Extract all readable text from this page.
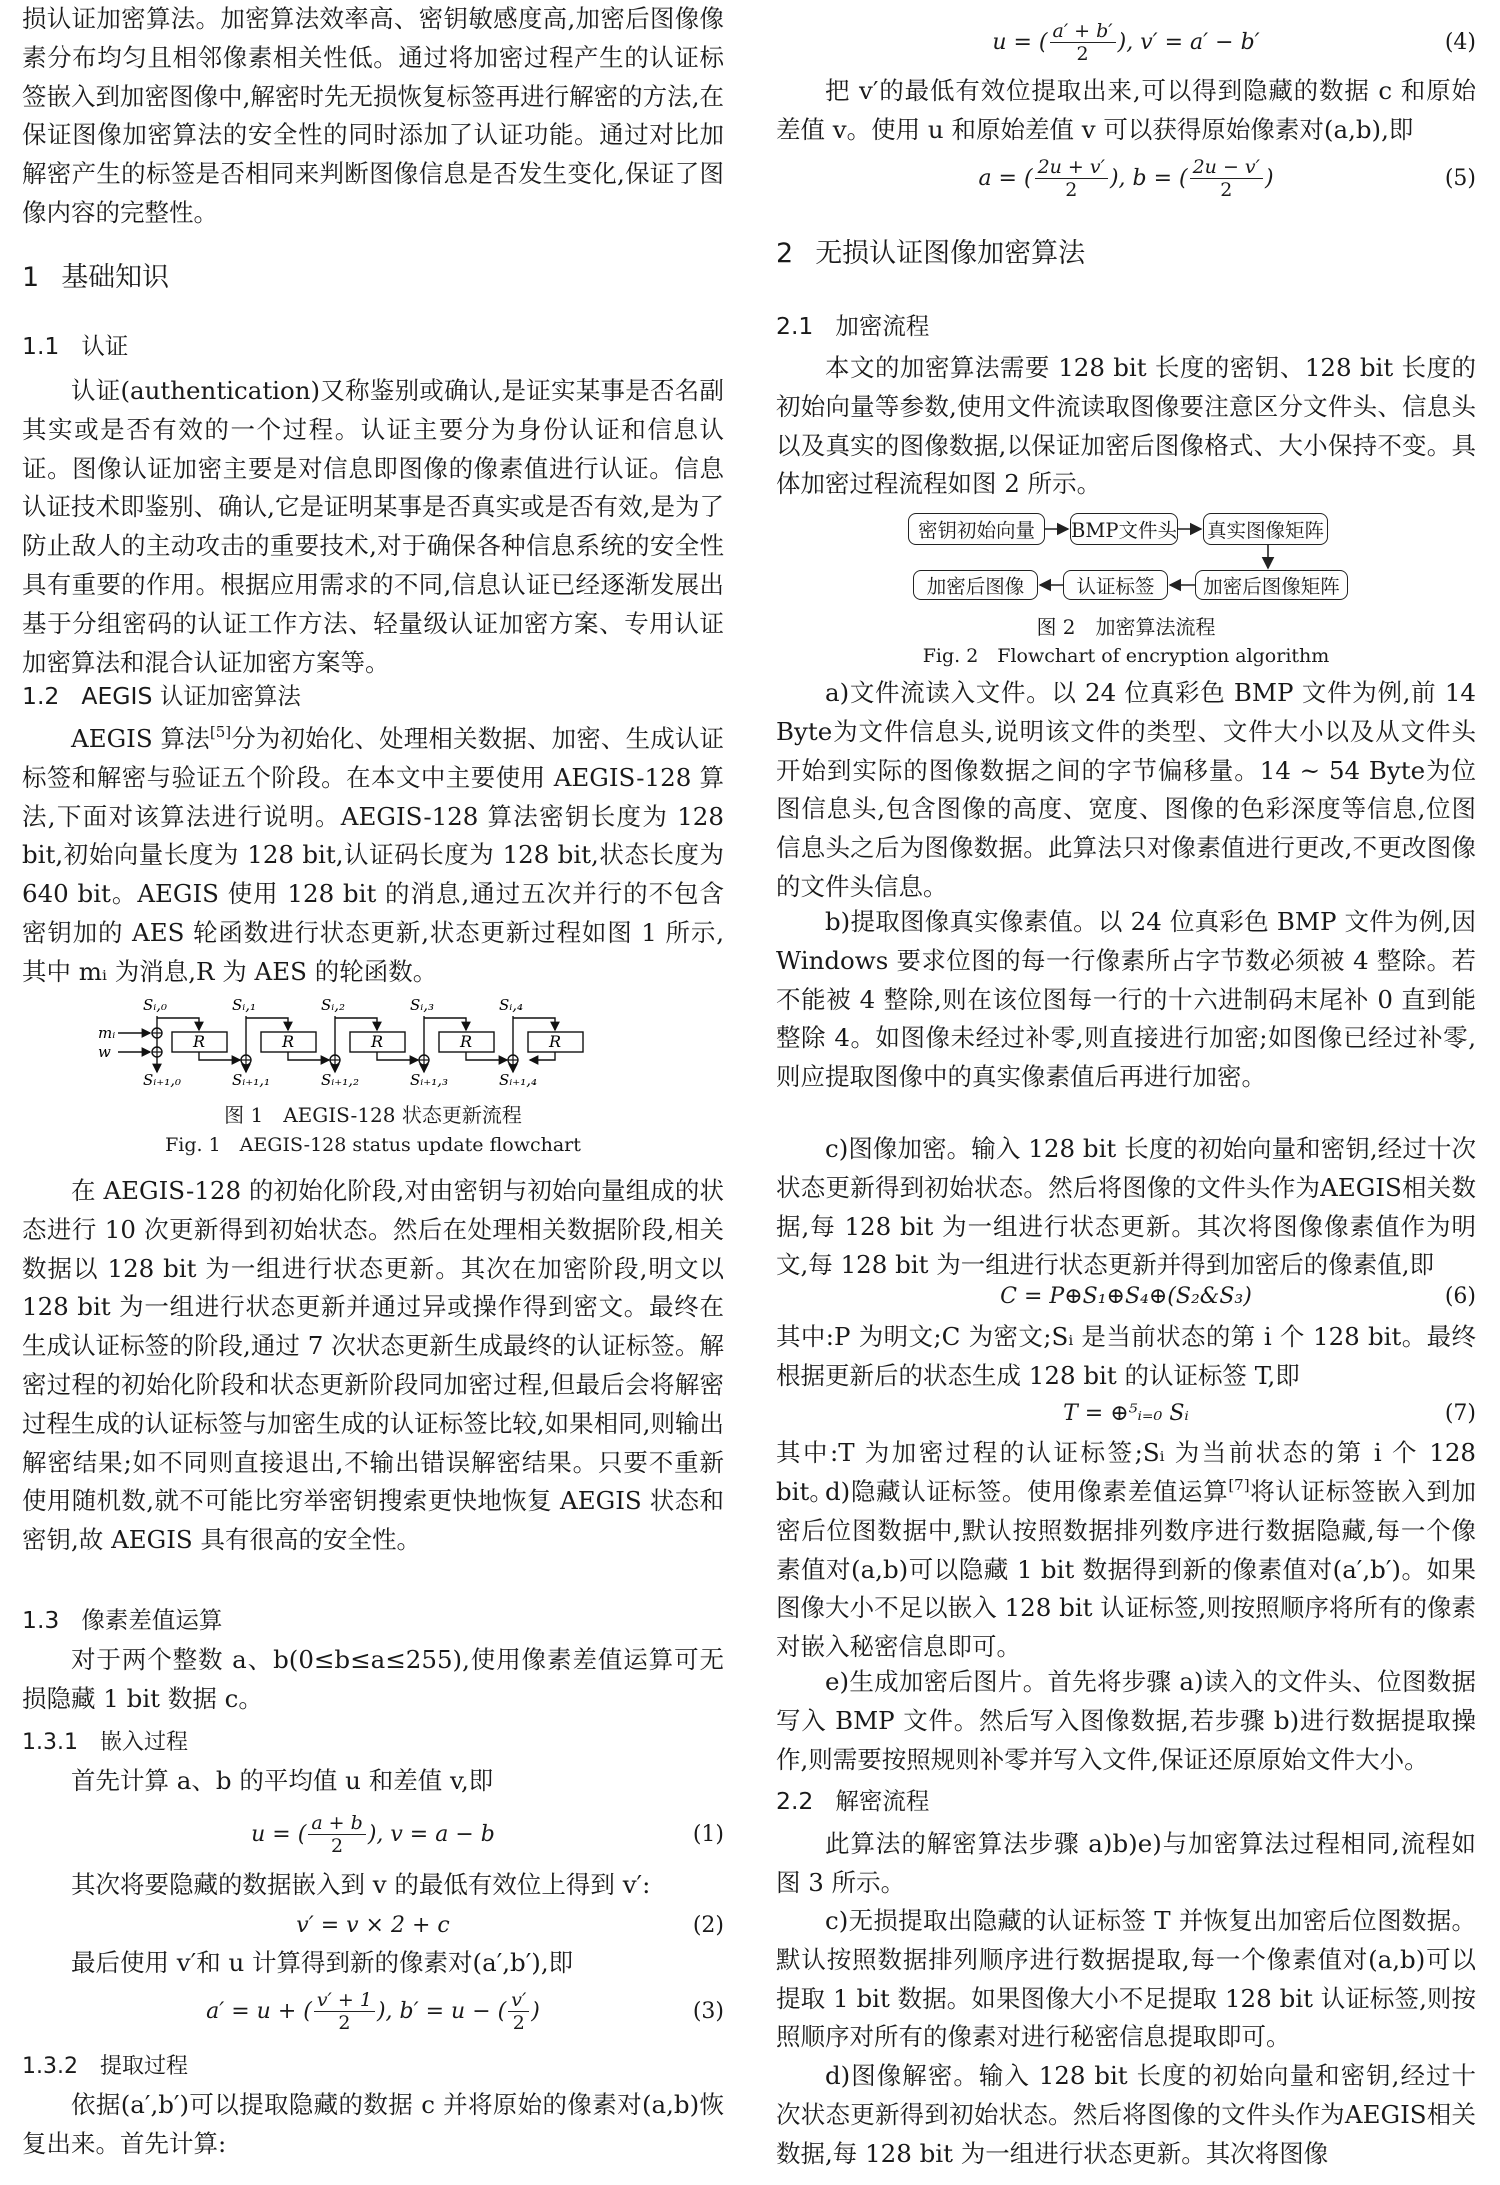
损认证加密算法。加密算法效率高、密钥敏感度高,加密后图像像素分布均匀且相邻像素相关性低。通过将加密过程产生的认证标签嵌入到加密图像中,解密时先无损恢复标签再进行解密的方法,在保证图像加密算法的安全性的同时添加了认证功能。通过对比加解密产生的标签是否相同来判断图像信息是否发生变化,保证了图像内容的完整性。
1 基础知识
1.1 认证
认证(authentication)又称鉴别或确认,是证实某事是否名副其实或是否有效的一个过程。认证主要分为身份认证和信息认证。图像认证加密主要是对信息即图像的像素值进行认证。信息认证技术即鉴别、确认,它是证明某事是否真实或是否有效,是为了防止敌人的主动攻击的重要技术,对于确保各种信息系统的安全性具有重要的作用。根据应用需求的不同,信息认证已经逐渐发展出基于分组密码的认证工作方法、轻量级认证加密方案、专用认证加密算法和混合认证加密方案等。
1.2 AEGIS 认证加密算法
AEGIS 算法[5]分为初始化、处理相关数据、加密、生成认证标签和解密与验证五个阶段。在本文中主要使用 AEGIS-128 算法,下面对该算法进行说明。AEGIS-128 算法密钥长度为 128 bit,初始向量长度为 128 bit,认证码长度为 128 bit,状态长度为 640 bit。AEGIS 使用 128 bit 的消息,通过五次并行的不包含密钥加的 AES 轮函数进行状态更新,状态更新过程如图 1 所示,其中 mᵢ 为消息,R 为 AES 的轮函数。
Sᵢ,₀
Sᵢ₊₁,₀
R
Sᵢ,₁
Sᵢ₊₁,₁
R
Sᵢ,₂
Sᵢ₊₁,₂
R
Sᵢ,₃
Sᵢ₊₁,₃
R
Sᵢ,₄
Sᵢ₊₁,₄
R
mᵢ
w
图 1　AEGIS-128 状态更新流程
Fig. 1　AEGIS-128 status update flowchart
在 AEGIS-128 的初始化阶段,对由密钥与初始向量组成的状态进行 10 次更新得到初始状态。然后在处理相关数据阶段,相关数据以 128 bit 为一组进行状态更新。其次在加密阶段,明文以 128 bit 为一组进行状态更新并通过异或操作得到密文。最终在生成认证标签的阶段,通过 7 次状态更新生成最终的认证标签。解密过程的初始化阶段和状态更新阶段同加密过程,但最后会将解密过程生成的认证标签与加密生成的认证标签比较,如果相同,则输出解密结果;如不同则直接退出,不输出错误解密结果。只要不重新使用随机数,就不可能比穷举密钥搜索更快地恢复 AEGIS 状态和密钥,故 AEGIS 具有很高的安全性。
1.3 像素差值运算
对于两个整数 a、b(0≤b≤a≤255),使用像素差值运算可无损隐藏 1 bit 数据 c。
1.3.1 嵌入过程
首先计算 a、b 的平均值 u 和差值 v,即
u = ( $\frac{a + b}{2}$ ), v = a − b	(1)
其次将要隐藏的数据嵌入到 v 的最低有效位上得到 v′:
v′ = v × 2 + c	(2)
最后使用 v′和 u 计算得到新的像素对(a′,b′),即
a′ = u + ( $\frac{v' + 1}{2}$ ), b′ = u − ( $\frac{v'}{2}$ )	(3)
1.3.2 提取过程
依据(a′,b′)可以提取隐藏的数据 c 并将原始的像素对(a,b)恢复出来。首先计算:
u = ( $\frac{a' + b'}{2}$ ), v′ = a′ − b′	(4)
把 v′的最低有效位提取出来,可以得到隐藏的数据 c 和原始差值 v。使用 u 和原始差值 v 可以获得原始像素对(a,b),即
a = ( $\frac{2u + v'}{2}$ ), b = ( $\frac{2u - v'}{2}$ )	(5)
2 无损认证图像加密算法
2.1 加密流程
本文的加密算法需要 128 bit 长度的密钥、128 bit 长度的初始向量等参数,使用文件流读取图像要注意区分文件头、信息头以及真实的图像数据,以保证加密后图像格式、大小保持不变。具体加密过程流程如图 2 所示。
密钥初始向量	BMP文件头 真实图像矩阵
加密后图像	认证标签	加密后图像矩阵
图 2　加密算法流程
Fig. 2　Flowchart of encryption algorithm
a)文件流读入文件。以 24 位真彩色 BMP 文件为例,前 14 Byte为文件信息头,说明该文件的类型、文件大小以及从文件头开始到实际的图像数据之间的字节偏移量。14 ~ 54 Byte为位图信息头,包含图像的高度、宽度、图像的色彩深度等信息,位图信息头之后为图像数据。此算法只对像素值进行更改,不更改图像的文件头信息。
b)提取图像真实像素值。以 24 位真彩色 BMP 文件为例,因 Windows 要求位图的每一行像素所占字节数必须被 4 整除。若不能被 4 整除,则在该位图每一行的十六进制码末尾补 0 直到能整除 4。如图像未经过补零,则直接进行加密;如图像已经过补零,则应提取图像中的真实像素值后再进行加密。
c)图像加密。输入 128 bit 长度的初始向量和密钥,经过十次状态更新得到初始状态。然后将图像的文件头作为AEGIS相关数据,每 128 bit 为一组进行状态更新。其次将图像像素值作为明文,每 128 bit 为一组进行状态更新并得到加密后的像素值,即
C = P⊕S₁⊕S₄⊕(S₂&S₃)	(6)
其中:P 为明文;C 为密文;Sᵢ 是当前状态的第 i 个 128 bit。最终根据更新后的状态生成 128 bit 的认证标签 T,即
T = ⊕⁵ᵢ₌₀ Sᵢ	(7)
其中:T 为加密过程的认证标签;Sᵢ 为当前状态的第 i 个 128 bit。
d)隐藏认证标签。使用像素差值运算[7]将认证标签嵌入到加密后位图数据中,默认按照数据排列数序进行数据隐藏,每一个像素值对(a,b)可以隐藏 1 bit 数据得到新的像素值对(a′,b′)。如果图像大小不足以嵌入 128 bit 认证标签,则按照顺序将所有的像素对嵌入秘密信息即可。
e)生成加密后图片。首先将步骤 a)读入的文件头、位图数据写入 BMP 文件。然后写入图像数据,若步骤 b)进行数据提取操作,则需要按照规则补零并写入文件,保证还原原始文件大小。
2.2 解密流程
此算法的解密算法步骤 a)b)e)与加密算法过程相同,流程如图 3 所示。
c)无损提取出隐藏的认证标签 T 并恢复出加密后位图数据。默认按照数据排列顺序进行数据提取,每一个像素值对(a,b)可以提取 1 bit 数据。如果图像大小不足提取 128 bit 认证标签,则按照顺序对所有的像素对进行秘密信息提取即可。
d)图像解密。输入 128 bit 长度的初始向量和密钥,经过十次状态更新得到初始状态。然后将图像的文件头作为AEGIS相关数据,每 128 bit 为一组进行状态更新。其次将图像
